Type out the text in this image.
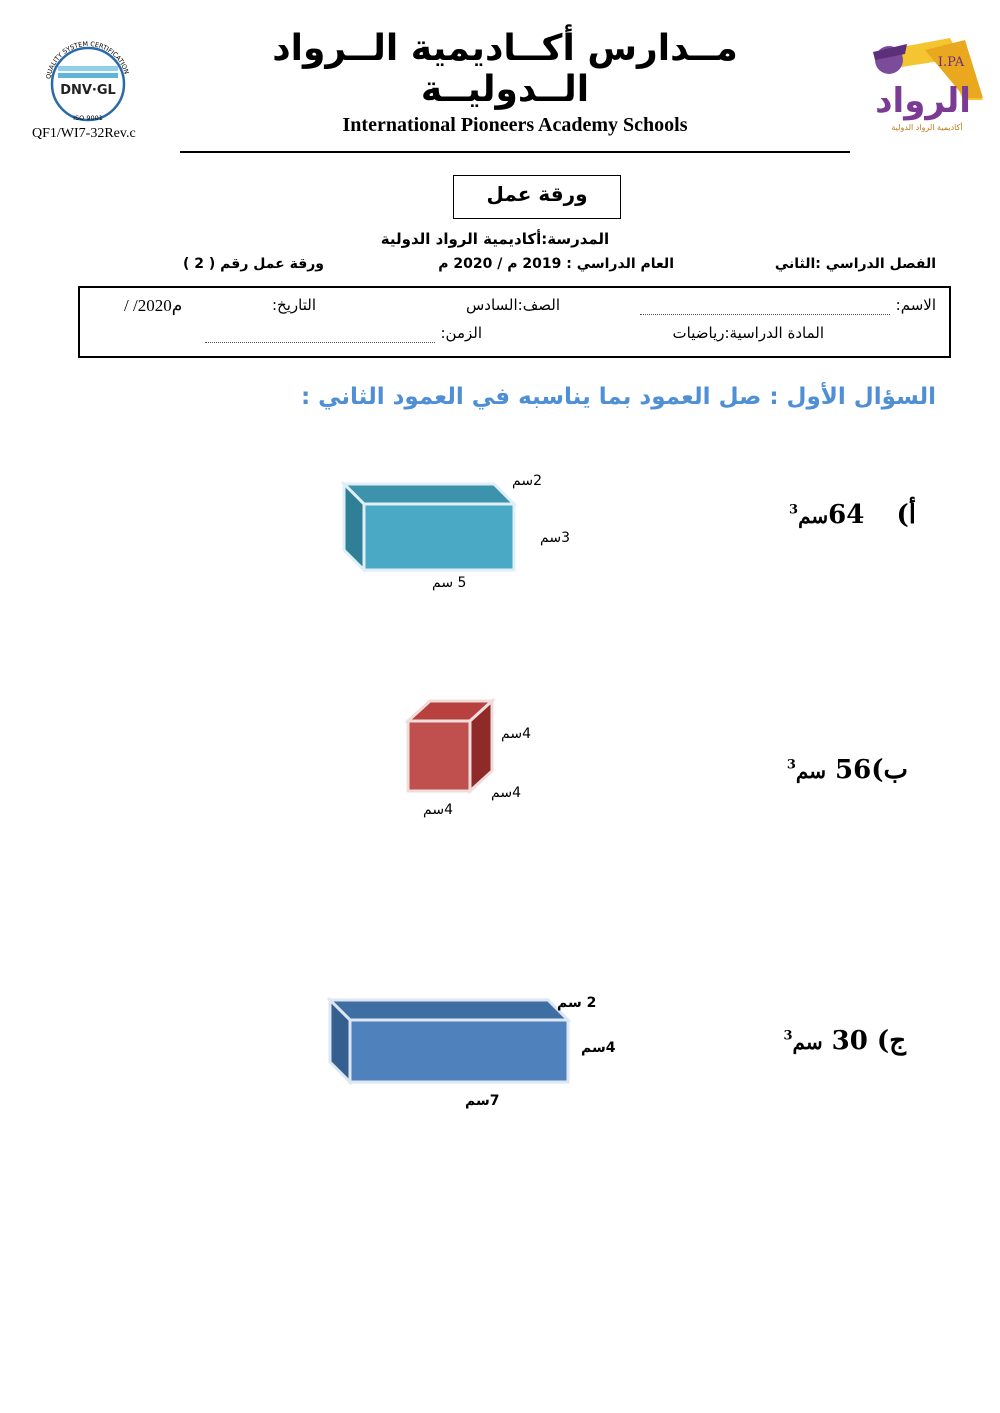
QUALITY SYSTEM CERTIFICATION
DNV·GL
ISO 9001
QF1/WI7-32Rev.c
مــدارس أكــاديمية الــرواد الــدوليــة
International Pioneers Academy Schools
I.PA
الرواد
أكاديمية الرواد الدولية
ورقة عمل
المدرسة:أكاديمية الرواد الدولية
الفصل الدراسي :الثاني
العام الدراسي : 2019 م / 2020 م
ورقة عمل رقم ( 2 )
الاسم:
الصف:السادس
التاريخ:
/ /2020م
المادة الدراسية:رياضيات
الزمن:
السؤال الأول : صل العمود بما يناسبه في العمود الثاني :
أ)  64سم$^3$
ب)56 سم$^3$
ج) 30 سم$^3$
2سم
3سم
5 سم
4سم
4سم
4سم
2 سم
4سم
7سم
